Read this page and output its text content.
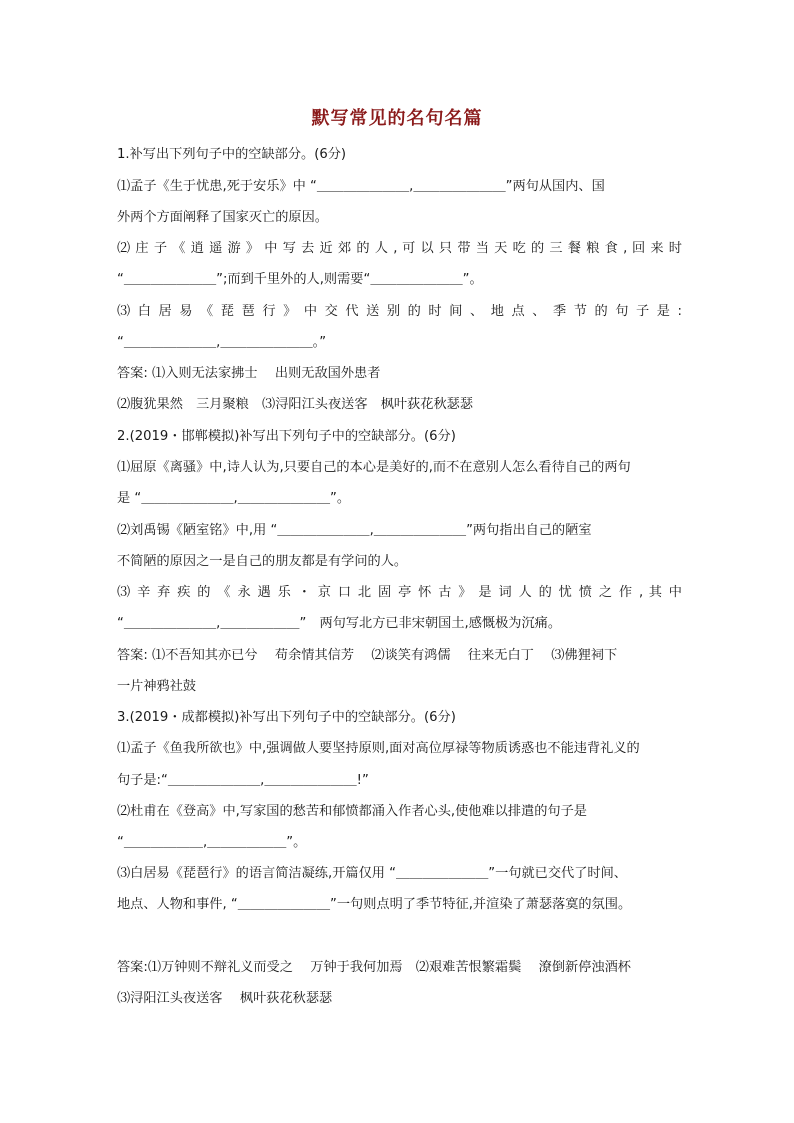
默写常见的名句名篇
1.补写出下列句子中的空缺部分。(6分)
⑴孟子《生于忧患,死于安乐》中 “＿＿＿＿＿＿＿,＿＿＿＿＿＿＿”两句从国内、国
外两个方面阐释了国家灭亡的原因。
⑵ 庄 子 《 逍 遥 游 》 中 写 去 近 郊 的 人 , 可 以 只 带 当 天 吃 的 三 餐 粮 食 , 回 来 时
“＿＿＿＿＿＿＿”;而到千里外的人,则需要“＿＿＿＿＿＿＿”。
⑶ 白 居 易 《 琵 琶 行 》 中 交 代 送 别 的 时 间 、 地 点 、 季 节 的 句 子 是 :
“＿＿＿＿＿＿＿,＿＿＿＿＿＿＿。”
答案: ⑴入则无法家拂士　 出则无敌国外患者
⑵腹犹果然　三月聚粮　⑶浔阳江头夜送客　枫叶荻花秋瑟瑟
2.(2019・邯郸模拟)补写出下列句子中的空缺部分。(6分)
⑴屈原《离骚》中,诗人认为,只要自己的本心是美好的,而不在意别人怎么看待自己的两句
是 “＿＿＿＿＿＿＿,＿＿＿＿＿＿＿”。
⑵刘禹锡《陋室铭》中,用 “＿＿＿＿＿＿＿,＿＿＿＿＿＿＿”两句指出自己的陋室
不简陋的原因之一是自己的朋友都是有学问的人。
⑶ 辛 弃 疾 的 《 永 遇 乐 ・ 京 口 北 固 亭 怀 古 》 是 词 人 的 忧 愤 之 作 , 其 中
“＿＿＿＿＿＿＿,＿＿＿＿＿＿”　两句写北方已非宋朝国土,感慨极为沉痛。
答案: ⑴不吾知其亦已兮　 苟余情其信芳　 ⑵谈笑有鸿儒　 往来无白丁　 ⑶佛狸祠下
一片神鸦社鼓
3.(2019・成都模拟)补写出下列句子中的空缺部分。(6分)
⑴孟子《鱼我所欲也》中,强调做人要坚持原则,面对高位厚禄等物质诱惑也不能违背礼义的
句子是:“＿＿＿＿＿＿＿,＿＿＿＿＿＿＿!”
⑵杜甫在《登高》中,写家国的愁苦和郁愤都涌入作者心头,使他难以排遣的句子是
“＿＿＿＿＿＿,＿＿＿＿＿＿”。
⑶白居易《琵琶行》的语言简洁凝练,开篇仅用 “＿＿＿＿＿＿＿”一句就已交代了时间、
地点、人物和事件, “＿＿＿＿＿＿＿”一句则点明了季节特征,并渲染了萧瑟落寞的氛围。
答案:⑴万钟则不辩礼义而受之　 万钟于我何加焉　⑵艰难苦恨繁霜鬓　 潦倒新停浊酒杯
⑶浔阳江头夜送客　 枫叶荻花秋瑟瑟
